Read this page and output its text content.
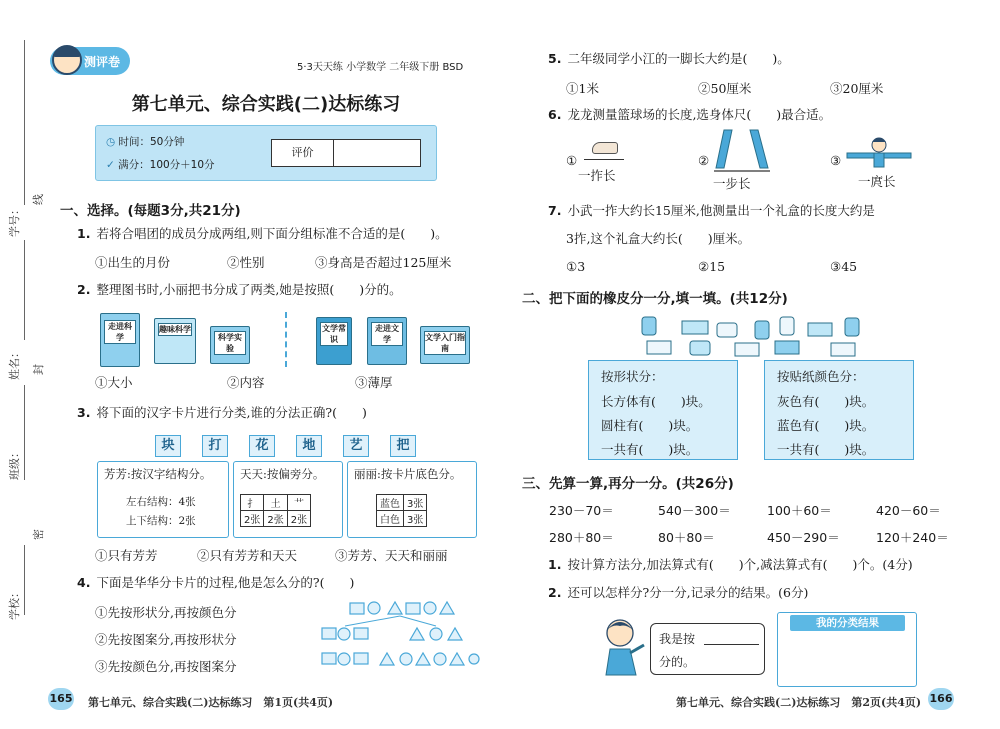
学号：
姓名： 封
班级：
密
学校：
线
测评卷	5·3天天练 小学数学 二年级下册 BSD
第七单元、综合实践(二)达标练习
◷ 时间：50分钟
✓ 满分：100分＋10分
评价
一、选择。(每题3分,共21分)
1. 若将合唱团的成员分成两组,则下面分组标准不合适的是(　　)。
①出生的月份	②性别	③身高是否超过125厘米
2. 整理图书时,小丽把书分成了两类,她是按照(　　)分的。
走进科学
趣味科学
科学实验
文学常识
走进文学	文学入门指南
①大小	②内容	③薄厚
3. 将下面的汉字卡片进行分类,谁的分法正确?(　　)
块	打	花	地	艺	把
芳芳:按汉字结构分。
左右结构：4张
上下结构：2张
天天:按偏旁分。
扌	土	艹
2张	2张	2张
丽丽:按卡片底色分。
蓝色	3张
白色	3张
①只有芳芳	②只有芳芳和天天	③芳芳、天天和丽丽
4. 下面是华华分卡片的过程,他是怎么分的?(　　)
①先按形状分,再按颜色分
②先按图案分,再按形状分
③先按颜色分,再按图案分
165 第七单元、综合实践(二)达标练习　第1页(共4页)
5. 二年级同学小江的一脚长大约是(　　)。
①1米	②50厘米	③20厘米
6. 龙龙测量篮球场的长度,选身体尺(　　)最合适。
①
一拃长
②
一步长
③
一庹长
7. 小武一拃大约长15厘米,他测量出一个礼盒的长度大约是
3拃,这个礼盒大约长(　　)厘米。
①3	②15	③45
二、把下面的橡皮分一分,填一填。(共12分)
按形状分：
长方体有(　　)块。
圆柱有(　　)块。
一共有(　　)块。
按贴纸颜色分：
灰色有(　　)块。
蓝色有(　　)块。
一共有(　　)块。
三、先算一算,再分一分。(共26分)
230－70＝	540－300＝	100＋60＝	420－60＝
280＋80＝	80＋80＝	450－290＝	120＋240＝
1. 按计算方法分,加法算式有(　　)个,减法算式有(　　)个。(4分)
2. 还可以怎样分?分一分,记录分的结果。(6分)
我是按
分的。
我的分类结果
第七单元、综合实践(二)达标练习　第2页(共4页) 166
